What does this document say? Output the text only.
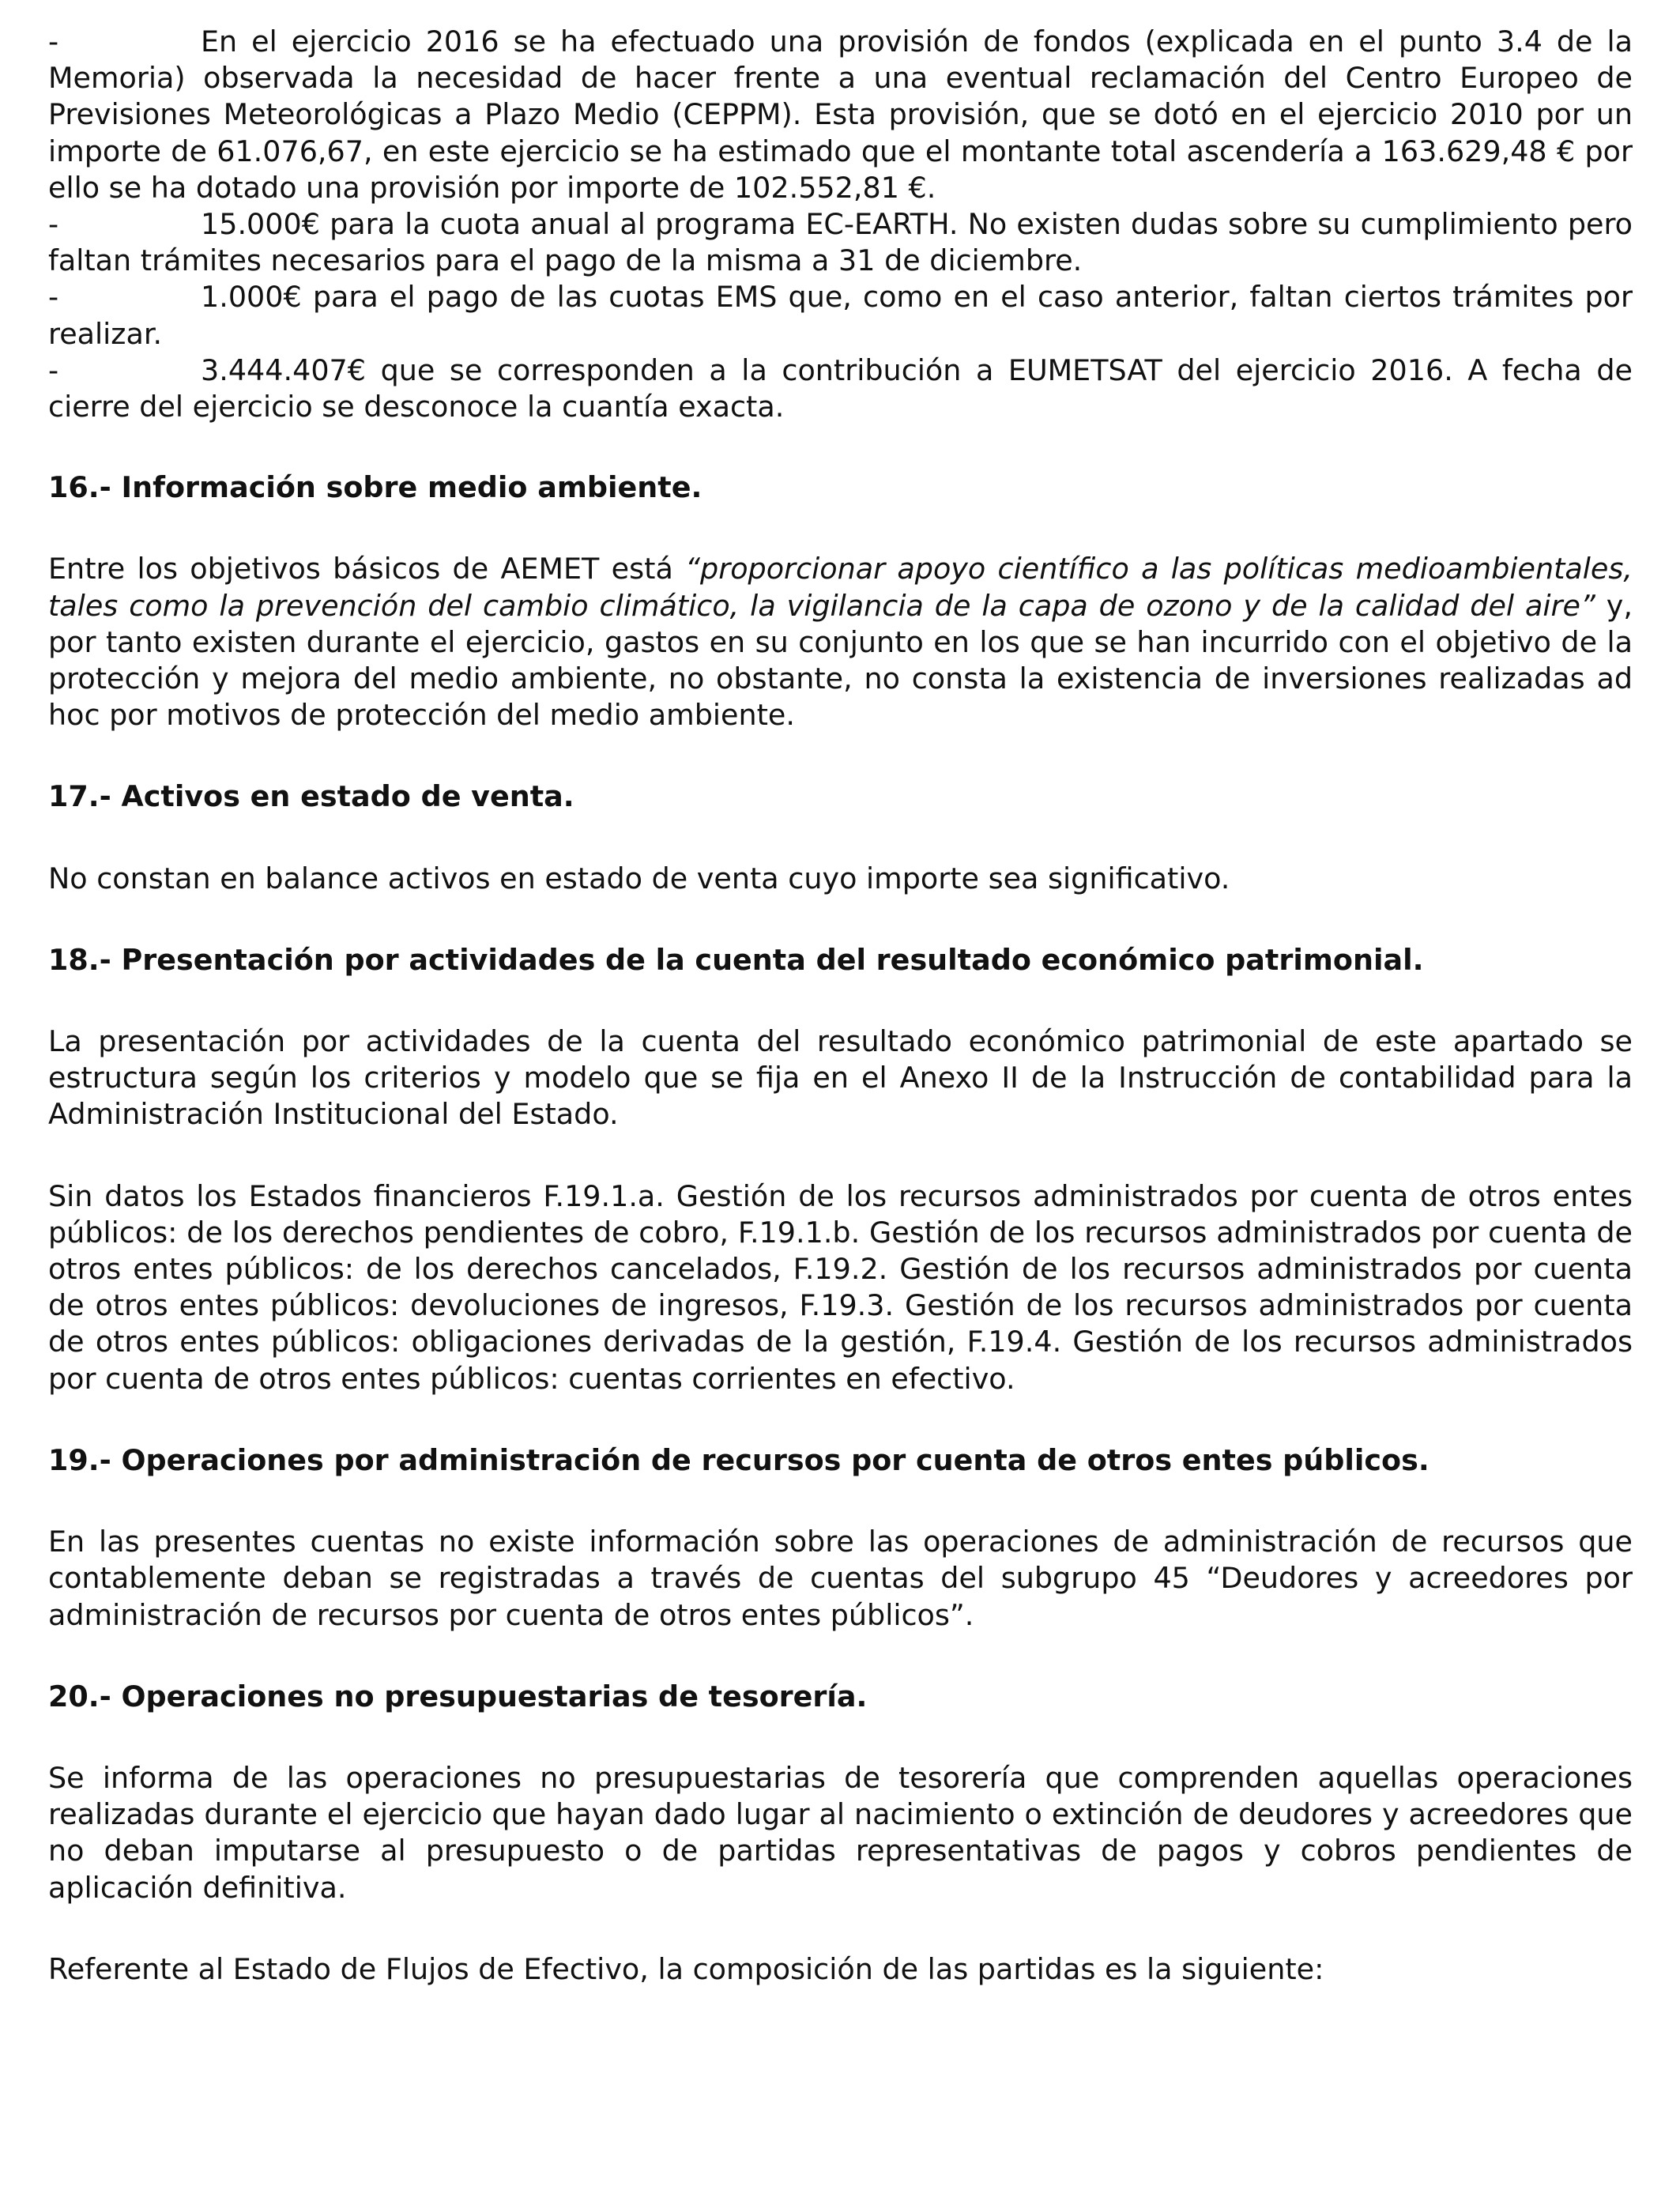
-	En el ejercicio 2016 se ha efectuado una provisión de fondos (explicada en el punto 3.4 de la Memoria) observada la necesidad de hacer frente a una eventual reclamación del Centro Europeo de Previsiones Meteorológicas a Plazo Medio (CEPPM). Esta provisión, que se dotó en el ejercicio 2010 por un importe de 61.076,67, en este ejercicio se ha estimado que el montante total ascendería a 163.629,48 € por ello se ha dotado una provisión por importe de 102.552,81 €.

-	15.000€ para la cuota anual al programa EC-EARTH. No existen dudas sobre su cumplimiento pero faltan trámites necesarios para el pago de la misma a 31 de diciembre.

-	1.000€ para el pago de las cuotas EMS que, como en el caso anterior, faltan ciertos trámites por realizar.

-	3.444.407€ que se corresponden a la contribución a EUMETSAT del ejercicio 2016. A fecha de cierre del ejercicio se desconoce la cuantía exacta.

16.- Información sobre medio ambiente.

Entre los objetivos básicos de AEMET está “proporcionar apoyo científico a las políticas medioambientales, tales como la prevención del cambio climático, la vigilancia de la capa de ozono y de la calidad del aire” y, por tanto existen durante el ejercicio, gastos en su conjunto en los que se han incurrido con el objetivo de la protección y mejora del medio ambiente, no obstante, no consta la existencia de inversiones realizadas ad hoc por motivos de protección del medio ambiente.

17.- Activos en estado de venta.

No constan en balance activos en estado de venta cuyo importe sea significativo.

18.- Presentación por actividades de la cuenta del resultado económico patrimonial.

La presentación por actividades de la cuenta del resultado económico patrimonial de este apartado se estructura según los criterios y modelo que se fija en el Anexo II de la Instrucción de contabilidad para la Administración Institucional del Estado.

Sin datos los Estados financieros F.19.1.a. Gestión de los recursos administrados por cuenta de otros entes públicos: de los derechos pendientes de cobro, F.19.1.b. Gestión de los recursos administrados por cuenta de otros entes públicos: de los derechos cancelados, F.19.2. Gestión de los recursos administrados por cuenta de otros entes públicos: devoluciones de ingresos, F.19.3. Gestión de los recursos administrados por cuenta de otros entes públicos: obligaciones derivadas de la gestión, F.19.4. Gestión de los recursos administrados por cuenta de otros entes públicos: cuentas corrientes en efectivo.

19.- Operaciones por administración de recursos por cuenta de otros entes públicos.

En las presentes cuentas no existe información sobre las operaciones de administración de recursos que contablemente deban se registradas a través de cuentas del subgrupo 45 “Deudores y acreedores por administración de recursos por cuenta de otros entes públicos”.

20.- Operaciones no presupuestarias de tesorería.

Se informa de las operaciones no presupuestarias de tesorería que comprenden aquellas operaciones realizadas durante el ejercicio que hayan dado lugar al nacimiento o extinción de deudores y acreedores que no deban imputarse al presupuesto o de partidas representativas de pagos y cobros pendientes de aplicación definitiva.

Referente al Estado de Flujos de Efectivo, la composición de las partidas es la siguiente:
